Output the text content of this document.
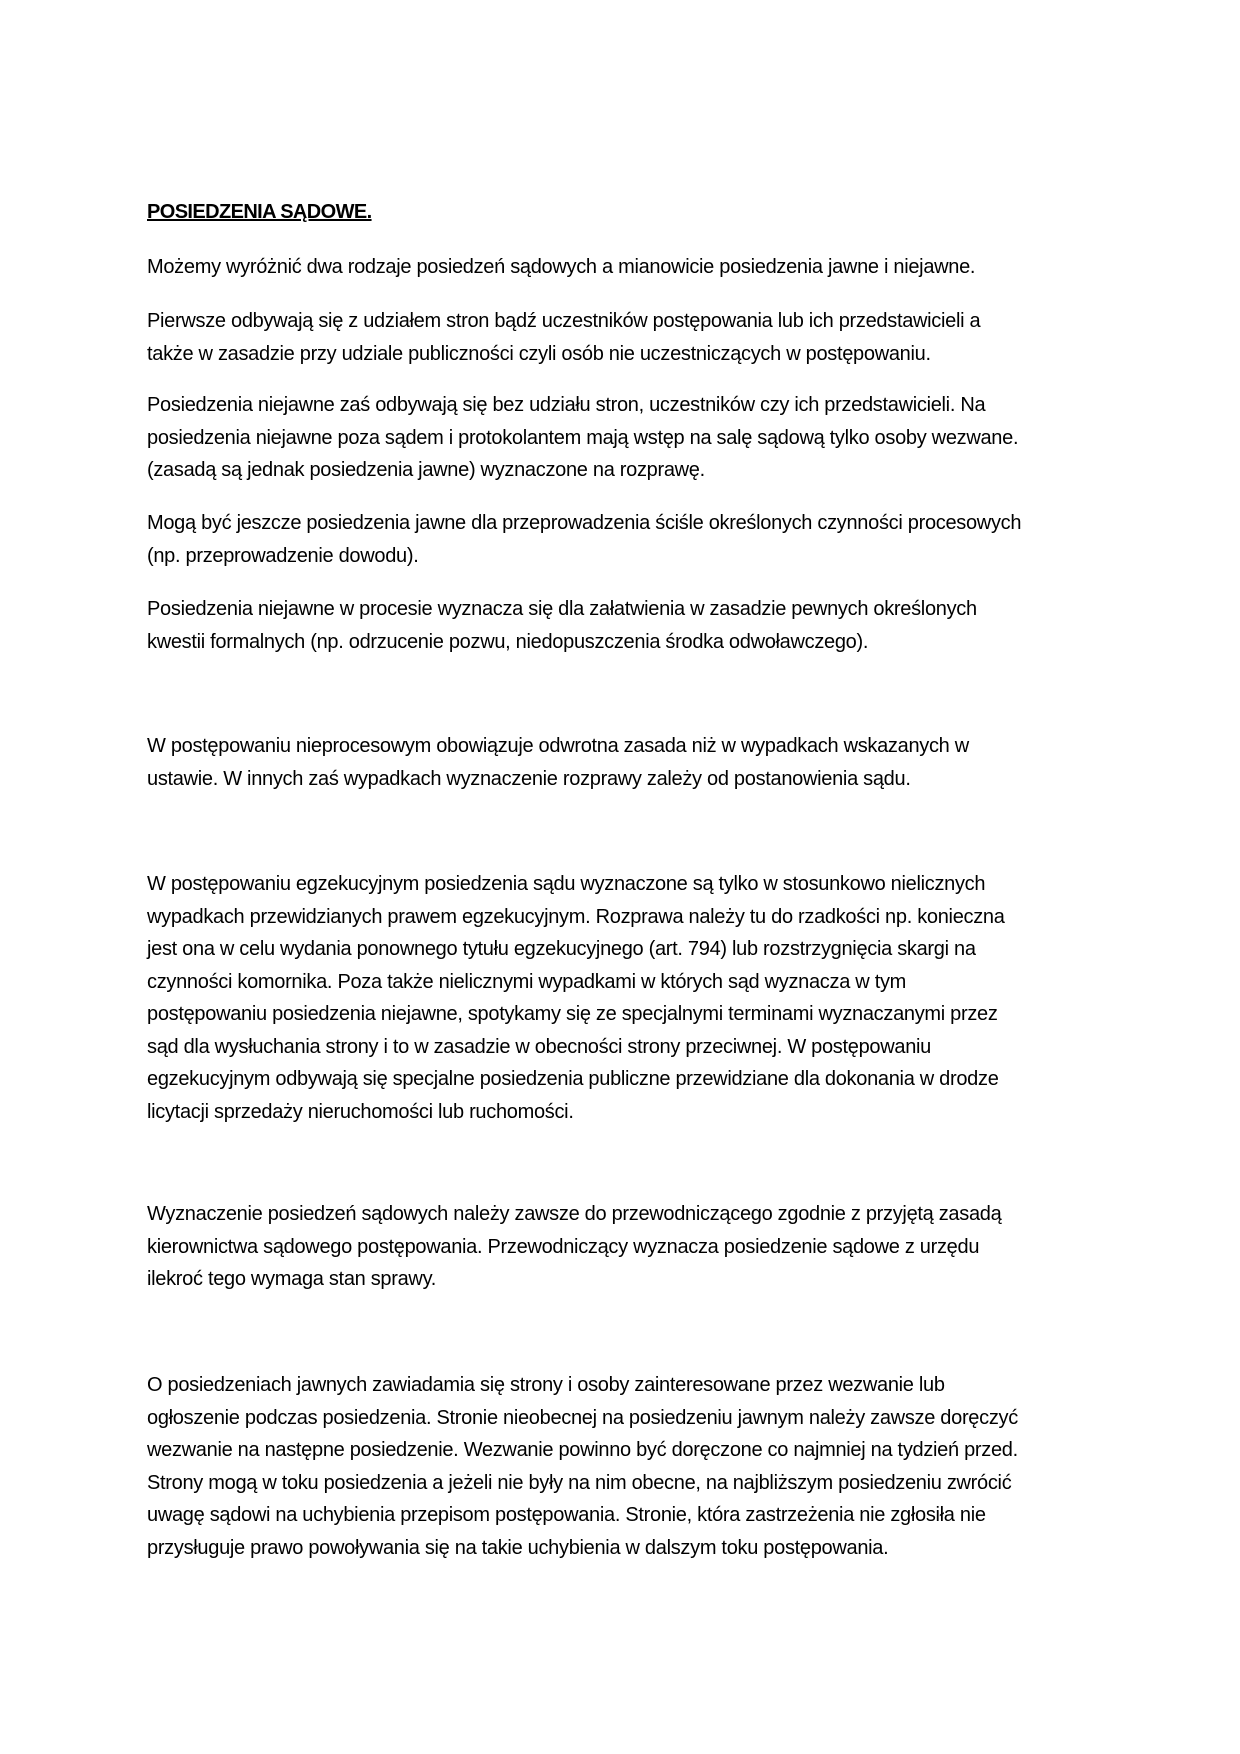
POSIEDZENIA SĄDOWE.
Możemy wyróżnić dwa rodzaje posiedzeń sądowych a mianowicie posiedzenia jawne i niejawne.
Pierwsze odbywają się z udziałem stron bądź uczestników postępowania lub ich przedstawicieli a
także w zasadzie przy udziale publiczności czyli osób nie uczestniczących w postępowaniu.
Posiedzenia niejawne zaś odbywają się bez udziału stron, uczestników czy ich przedstawicieli. Na
posiedzenia niejawne poza sądem i protokolantem mają wstęp na salę sądową tylko osoby wezwane.
(zasadą są jednak posiedzenia jawne) wyznaczone na rozprawę.
Mogą być jeszcze posiedzenia jawne dla przeprowadzenia ściśle określonych czynności procesowych
(np. przeprowadzenie dowodu).
Posiedzenia niejawne w procesie wyznacza się dla załatwienia w zasadzie pewnych określonych
kwestii formalnych (np. odrzucenie pozwu, niedopuszczenia środka odwoławczego).
W postępowaniu nieprocesowym obowiązuje odwrotna zasada niż w wypadkach wskazanych w
ustawie. W innych zaś wypadkach wyznaczenie rozprawy zależy od postanowienia sądu.
W postępowaniu egzekucyjnym posiedzenia sądu wyznaczone są tylko w stosunkowo nielicznych
wypadkach przewidzianych prawem egzekucyjnym. Rozprawa należy tu do rzadkości np. konieczna
jest ona w celu wydania ponownego tytułu egzekucyjnego (art. 794) lub rozstrzygnięcia skargi na
czynności komornika. Poza także nielicznymi wypadkami w których sąd wyznacza w tym
postępowaniu posiedzenia niejawne, spotykamy się ze specjalnymi terminami wyznaczanymi przez
sąd dla wysłuchania strony i to w zasadzie w obecności strony przeciwnej. W postępowaniu
egzekucyjnym odbywają się specjalne posiedzenia publiczne przewidziane dla dokonania w drodze
licytacji sprzedaży nieruchomości lub ruchomości.
Wyznaczenie posiedzeń sądowych należy zawsze do przewodniczącego zgodnie z przyjętą zasadą
kierownictwa sądowego postępowania. Przewodniczący wyznacza posiedzenie sądowe z urzędu
ilekroć tego wymaga stan sprawy.
O posiedzeniach jawnych zawiadamia się strony i osoby zainteresowane przez wezwanie lub
ogłoszenie podczas posiedzenia. Stronie nieobecnej na posiedzeniu jawnym należy zawsze doręczyć
wezwanie na następne posiedzenie. Wezwanie powinno być doręczone co najmniej na tydzień przed.
Strony mogą w toku posiedzenia a jeżeli nie były na nim obecne, na najbliższym posiedzeniu zwrócić
uwagę sądowi na uchybienia przepisom postępowania. Stronie, która zastrzeżenia nie zgłosiła nie
przysługuje prawo powoływania się na takie uchybienia w dalszym toku postępowania.
